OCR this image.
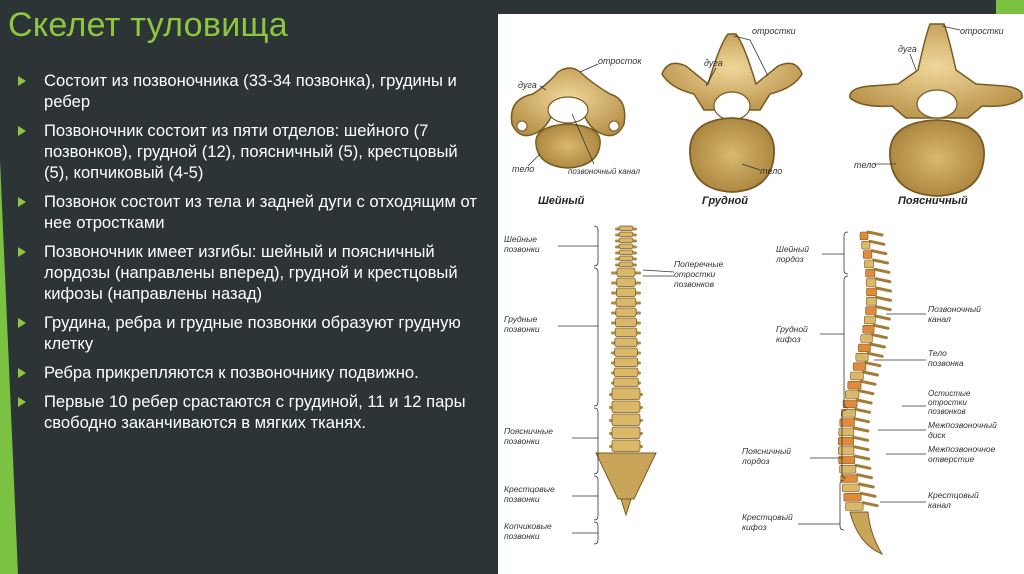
Скелет туловища
Состоит из позвоночника (33-34 позвонка), грудины и ребер
Позвоночник состоит из пяти отделов: шейного (7 позвонков), грудной (12), поясничный (5), крестцовый (5), копчиковый (4-5)
Позвонок состоит из тела и задней дуги с отходящим от нее отростками
Позвоночник имеет изгибы: шейный и поясничный лордозы (направлены вперед), грудной и крестцовый кифозы (направлены назад)
Грудина, ребра и грудные позвонки образуют грудную клетку
Ребра прикрепляются к позвоночнику подвижно.
Первые 10 ребер срастаются с грудиной, 11 и 12 пары свободно заканчиваются в мягких тканях.
отросток
дуга
тело	позвоночный канал
Шейный
отростки
дуга
тело
Грудной
отростки
дуга
тело
Поясничный
Шейные
позвонки
Поперечные
отростки
позвонков
Грудные
позвонки
Поясничные
позвонки
Крестцовые
позвонки
Копчиковые
позвонки
Шейный
лордоз
Грудной
кифоз
Поясничный
лордоз
Крестцовый
кифоз
Позвоночный
канал
Тело
позвонка
Остистые
отростки
позвонков
Межпозвоночный
диск
Межпозвоночное
отверстие
Крестцовый
канал
